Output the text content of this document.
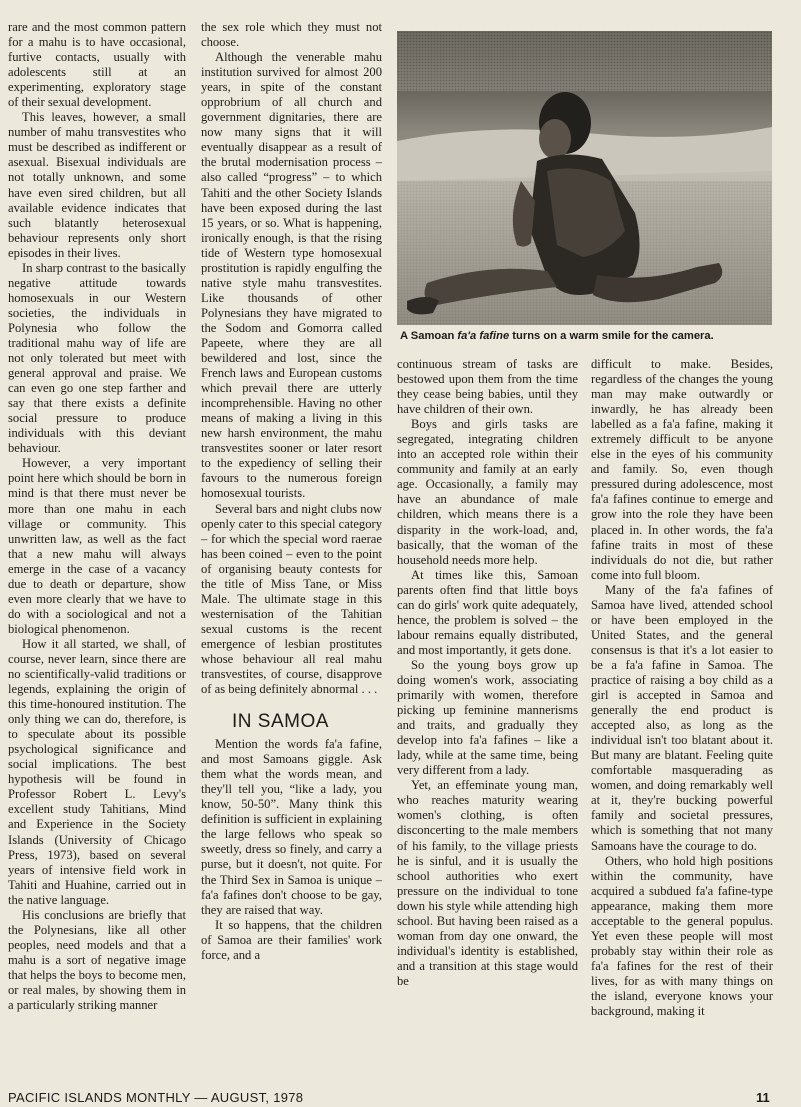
rare and the most common pattern for a mahu is to have occasional, furtive contacts, usually with adolescents still at an experimenting, exploratory stage of their sexual development.

This leaves, however, a small number of mahu transvestites who must be described as indifferent or asexual. Bisexual individuals are not totally unknown, and some have even sired children, but all available evidence indicates that such blatantly heterosexual behaviour represents only short episodes in their lives.

In sharp contrast to the basically negative attitude towards homosexuals in our Western societies, the individuals in Polynesia who follow the traditional mahu way of life are not only tolerated but meet with general approval and praise. We can even go one step farther and say that there exists a definite social pressure to produce individuals with this deviant behaviour.

However, a very important point here which should be born in mind is that there must never be more than one mahu in each village or community. This unwritten law, as well as the fact that a new mahu will always emerge in the case of a vacancy due to death or departure, show even more clearly that we have to do with a sociological and not a biological phenomenon.

How it all started, we shall, of course, never learn, since there are no scientifically-valid traditions or legends, explaining the origin of this time-honoured institution. The only thing we can do, therefore, is to speculate about its possible psychological significance and social implications. The best hypothesis will be found in Professor Robert L. Levy's excellent study Tahitians, Mind and Experience in the Society Islands (University of Chicago Press, 1973), based on several years of intensive field work in Tahiti and Huahine, carried out in the native language.

His conclusions are briefly that the Polynesians, like all other peoples, need models and that a mahu is a sort of negative image that helps the boys to become men, or real males, by showing them in a particularly striking manner

the sex role which they must not choose.

Although the venerable mahu institution survived for almost 200 years, in spite of the constant opprobrium of all church and government dignitaries, there are now many signs that it will eventually disappear as a result of the brutal modernisation process – also called “progress” – to which Tahiti and the other Society Islands have been exposed during the last 15 years, or so. What is happening, ironically enough, is that the rising tide of Western type homosexual prostitution is rapidly engulfing the native style mahu transvestites. Like thousands of other Polynesians they have migrated to the Sodom and Gomorra called Papeete, where they are all bewildered and lost, since the French laws and European customs which prevail there are utterly incomprehensible. Having no other means of making a living in this new harsh environment, the mahu transvestites sooner or later resort to the expediency of selling their favours to the numerous foreign homosexual tourists.

Several bars and night clubs now openly cater to this special category – for which the special word raerae has been coined – even to the point of organising beauty contests for the title of Miss Tane, or Miss Male. The ultimate stage in this westernisation of the Tahitian sexual customs is the recent emergence of lesbian prostitutes whose behaviour all real mahu transvestites, of course, disapprove of as being definitely abnormal . . .

IN SAMOA

Mention the words fa'a fafine, and most Samoans giggle. Ask them what the words mean, and they'll tell you, “like a lady, you know, 50-50”. Many think this definition is sufficient in explaining the large fellows who speak so sweetly, dress so finely, and carry a purse, but it doesn't, not quite. For the Third Sex in Samoa is unique – fa'a fafines don't choose to be gay, they are raised that way.

It so happens, that the children of Samoa are their families' work force, and a

A Samoan fa'a fafine turns on a warm smile for the camera.

continuous stream of tasks are bestowed upon them from the time they cease being babies, until they have children of their own.

Boys and girls tasks are segregated, integrating children into an accepted role within their community and family at an early age. Occasionally, a family may have an abundance of male children, which means there is a disparity in the work-load, and, basically, that the woman of the household needs more help.

At times like this, Samoan parents often find that little boys can do girls' work quite adequately, hence, the problem is solved – the labour remains equally distributed, and most importantly, it gets done.

So the young boys grow up doing women's work, associating primarily with women, therefore picking up feminine mannerisms and traits, and gradually they develop into fa'a fafines – like a lady, while at the same time, being very different from a lady.

Yet, an effeminate young man, who reaches maturity wearing women's clothing, is often disconcerting to the male members of his family, to the village priests he is sinful, and it is usually the school authorities who exert pressure on the individual to tone down his style while attending high school. But having been raised as a woman from day one onward, the individual's identity is established, and a transition at this stage would be

difficult to make. Besides, regardless of the changes the young man may make outwardly or inwardly, he has already been labelled as a fa'a fafine, making it extremely difficult to be anyone else in the eyes of his community and family. So, even though pressured during adolescence, most fa'a fafines continue to emerge and grow into the role they have been placed in. In other words, the fa'a fafine traits in most of these individuals do not die, but rather come into full bloom.

Many of the fa'a fafines of Samoa have lived, attended school or have been employed in the United States, and the general consensus is that it's a lot easier to be a fa'a fafine in Samoa. The practice of raising a boy child as a girl is accepted in Samoa and generally the end product is accepted also, as long as the individual isn't too blatant about it. But many are blatant. Feeling quite comfortable masquerading as women, and doing remarkably well at it, they're bucking powerful family and societal pressures, which is something that not many Samoans have the courage to do.

Others, who hold high positions within the community, have acquired a subdued fa'a fafine-type appearance, making them more acceptable to the general populus. Yet even these people will most probably stay within their role as fa'a fafines for the rest of their lives, for as with many things on the island, everyone knows your background, making it

PACIFIC ISLANDS MONTHLY — AUGUST, 1978	11
